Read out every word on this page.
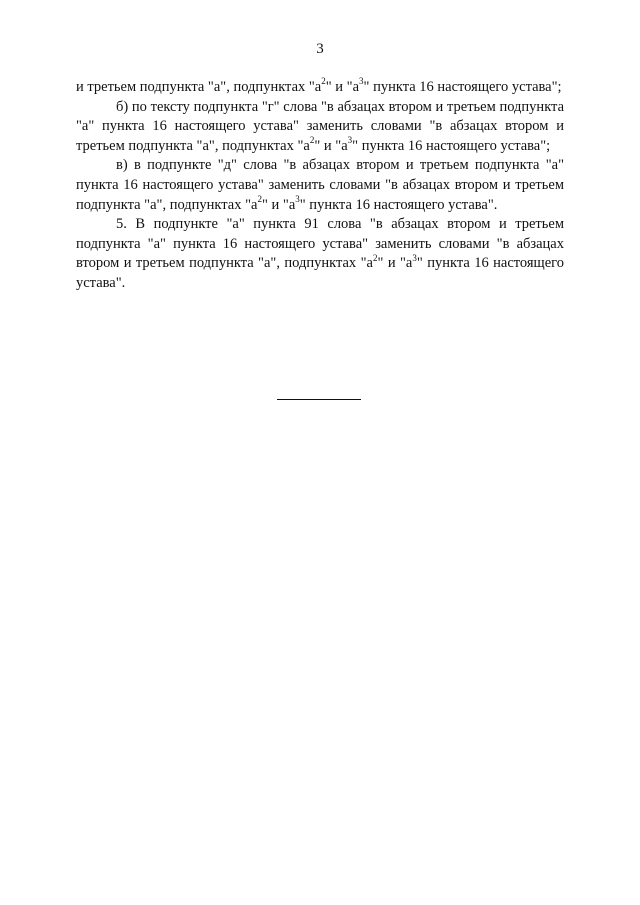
3

и третьем подпункта "а", подпунктах "$а^2$" и "$а^3$" пункта 16 настоящего устава";

б) по тексту подпункта "г" слова "в абзацах втором и третьем подпункта "а" пункта 16 настоящего устава" заменить словами "в абзацах втором и третьем подпункта "а", подпунктах "$а^2$" и "$а^3$" пункта 16 настоящего устава";

в) в подпункте "д" слова "в абзацах втором и третьем подпункта "а" пункта 16 настоящего устава" заменить словами "в абзацах втором и третьем подпункта "а", подпунктах "$а^2$" и "$а^3$" пункта 16 настоящего устава".

5. В подпункте "а" пункта 91 слова "в абзацах втором и третьем подпункта "а" пункта 16 настоящего устава" заменить словами "в абзацах втором и третьем подпункта "а", подпунктах "$а^2$" и "$а^3$" пункта 16 настоящего устава".
